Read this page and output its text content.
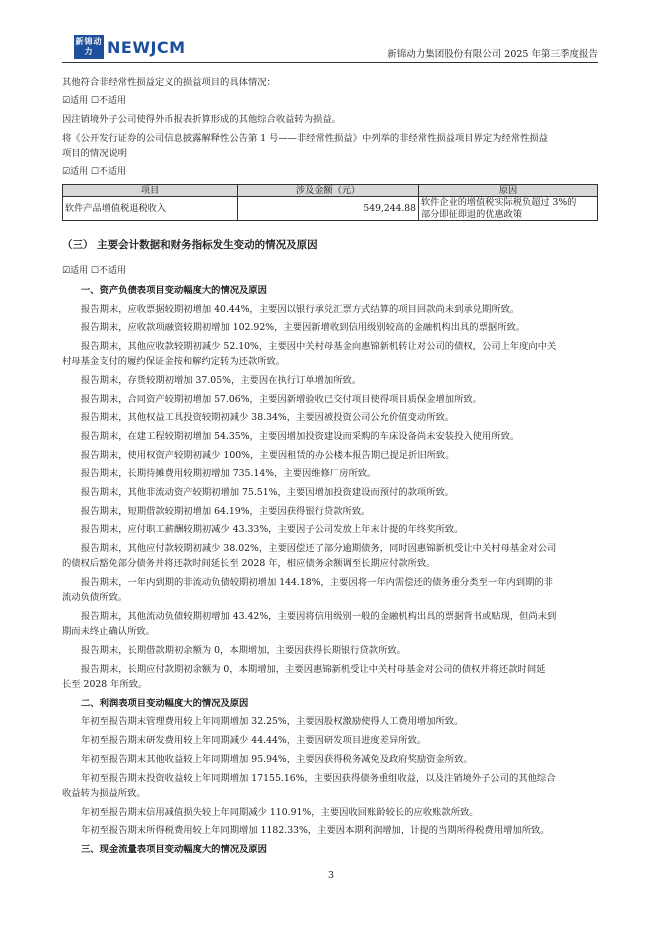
新锦动力 NEWJCM	新锦动力集团股份有限公司 2025 年第三季度报告
其他符合非经常性损益定义的损益项目的具体情况：
☑适用 ☐不适用
因注销境外子公司使得外币报表折算形成的其他综合收益转为损益。
将《公开发行证券的公司信息披露解释性公告第 1 号——非经常性损益》中列举的非经常性损益项目界定为经常性损益
项目的情况说明
☑适用 ☐不适用
项目	涉及金额（元）	原因
软件产品增值税退税收入	549,244.88	软件企业的增值税实际税负超过 3%的
部分即征即退的优惠政策
（三） 主要会计数据和财务指标发生变动的情况及原因
☑适用 ☐不适用
一、资产负债表项目变动幅度大的情况及原因
报告期末，应收票据较期初增加 40.44%，主要因以银行承兑汇票方式结算的项目回款尚未到承兑期所致。
报告期末，应收款项融资较期初增加 102.92%，主要因新增收到信用级别较高的金融机构出具的票据所致。
报告期末，其他应收款较期初减少 52.10%，主要因中关村母基金向惠锦新机转让对公司的债权，公司上年度向中关
村母基金支付的履约保证金按和解约定转为还款所致。
报告期末，存货较期初增加 37.05%，主要因在执行订单增加所致。
报告期末，合同资产较期初增加 57.06%，主要因新增验收已交付项目使得项目质保金增加所致。
报告期末，其他权益工具投资较期初减少 38.34%，主要因被投资公司公允价值变动所致。
报告期末，在建工程较期初增加 54.35%，主要因增加投资建设而采购的车床设备尚未安装投入使用所致。
报告期末，使用权资产较期初减少 100%，主要因租赁的办公楼本报告期已提足折旧所致。
报告期末，长期待摊费用较期初增加 735.14%，主要因维修厂房所致。
报告期末，其他非流动资产较期初增加 75.51%，主要因增加投资建设而预付的款项所致。
报告期末，短期借款较期初增加 64.19%，主要因获得银行贷款所致。
报告期末，应付职工薪酬较期初减少 43.33%，主要因子公司发放上年末计提的年终奖所致。
报告期末，其他应付款较期初减少 38.02%，主要因偿还了部分逾期债务，同时因惠锦新机受让中关村母基金对公司
的债权后豁免部分债务并将还款时间延长至 2028 年，相应债务余额调至长期应付款所致。
报告期末，一年内到期的非流动负债较期初增加 144.18%，主要因将一年内需偿还的债务重分类至一年内到期的非
流动负债所致。
报告期末，其他流动负债较期初增加 43.42%，主要因将信用级别一般的金融机构出具的票据背书或贴现，但尚未到
期而未终止确认所致。
报告期末，长期借款期初余额为 0，本期增加，主要因获得长期银行贷款所致。
报告期末，长期应付款期初余额为 0，本期增加，主要因惠锦新机受让中关村母基金对公司的债权并将还款时间延
长至 2028 年所致。
二、利润表项目变动幅度大的情况及原因
年初至报告期末管理费用较上年同期增加 32.25%，主要因股权激励使得人工费用增加所致。
年初至报告期末研发费用较上年同期减少 44.44%，主要因研发项目进度差异所致。
年初至报告期末其他收益较上年同期增加 95.94%，主要因获得税务减免及政府奖励资金所致。
年初至报告期末投资收益较上年同期增加 17155.16%，主要因获得债务重组收益，以及注销境外子公司的其他综合
收益转为损益所致。
年初至报告期末信用减值损失较上年同期减少 110.91%，主要因收回账龄较长的应收账款所致。
年初至报告期末所得税费用较上年同期增加 1182.33%，主要因本期利润增加，计提的当期所得税费用增加所致。
三、现金流量表项目变动幅度大的情况及原因
3
